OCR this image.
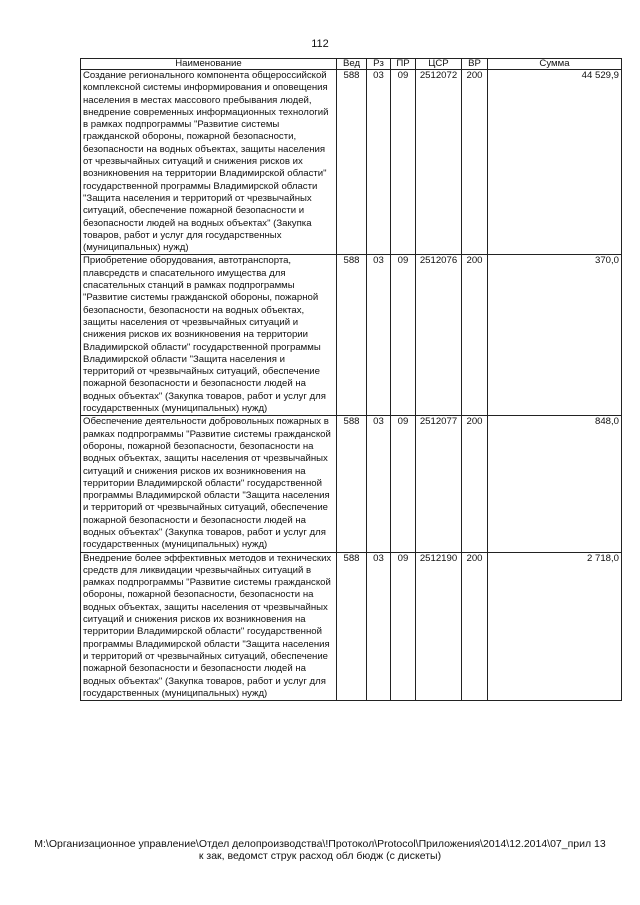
112
Наименование	Вед	Рз	ПР	ЦСР	ВР	Сумма
Создание регионального компонента общероссийской комплексной системы информирования и оповещения населения в местах массового пребывания людей, внедрение современных информационных технологий в рамках подпрограммы "Развитие системы гражданской обороны, пожарной безопасности, безопасности на водных объектах, защиты населения от чрезвычайных ситуаций и снижения рисков их возникновения на территории Владимирской области" государственной программы Владимирской области "Защита населения и территорий от чрезвычайных ситуаций, обеспечение пожарной безопасности и безопасности людей на водных объектах" (Закупка товаров, работ и услуг для государственных (муниципальных) нужд)	588	03	09	2512072	200	44 529,9
Приобретение оборудования, автотранспорта, плавсредств и спасательного имущества для спасательных станций в рамках подпрограммы "Развитие системы гражданской обороны, пожарной безопасности, безопасности на водных объектах, защиты населения от чрезвычайных ситуаций и снижения рисков их возникновения на территории Владимирской области" государственной программы Владимирской области "Защита населения и территорий от чрезвычайных ситуаций, обеспечение пожарной безопасности и безопасности людей на водных объектах" (Закупка товаров, работ и услуг для государственных (муниципальных) нужд)	588	03	09	2512076	200	370,0
Обеспечение деятельности добровольных пожарных в рамках подпрограммы "Развитие системы гражданской обороны, пожарной безопасности, безопасности на водных объектах, защиты населения от чрезвычайных ситуаций и снижения рисков их возникновения на территории Владимирской области" государственной программы Владимирской области "Защита населения и территорий от чрезвычайных ситуаций, обеспечение пожарной безопасности и безопасности людей на водных объектах" (Закупка товаров, работ и услуг для государственных (муниципальных) нужд)	588	03	09	2512077	200	848,0
Внедрение более эффективных методов и технических средств для ликвидации чрезвычайных ситуаций в рамках подпрограммы "Развитие системы гражданской обороны, пожарной безопасности, безопасности на водных объектах, защиты населения от чрезвычайных ситуаций и снижения рисков их возникновения на территории Владимирской области" государственной программы Владимирской области "Защита населения и территорий от чрезвычайных ситуаций, обеспечение пожарной безопасности и безопасности людей на водных объектах" (Закупка товаров, работ и услуг для государственных (муниципальных) нужд)	588	03	09	2512190	200	2 718,0
M:\Организационное управление\Отдел делопроизводства\!Протокол\Protocol\Приложения\2014\12.2014\07_прил 13
к зак, ведомст струк расход обл бюдж (с дискеты)
